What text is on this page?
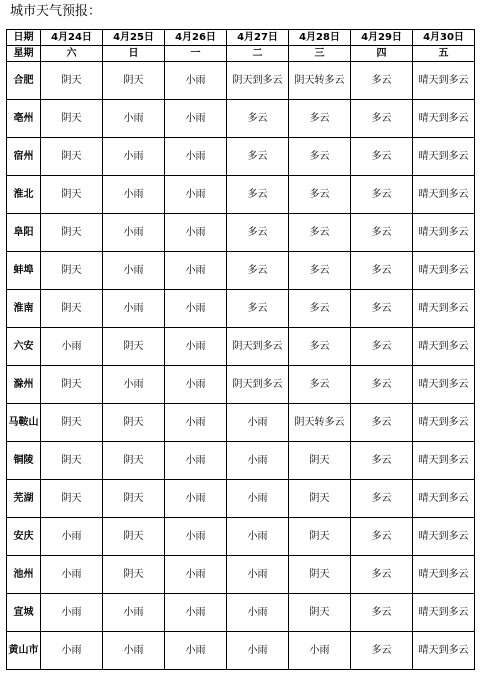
城市天气预报：
日期	4月24日	4月25日	4月26日	4月27日	4月28日	4月29日	4月30日
星期	六	日	一	二	三	四	五
合肥	阴天	阴天	小雨	阴天到多云	阴天转多云	多云	晴天到多云
亳州	阴天	小雨	小雨	多云	多云	多云	晴天到多云
宿州	阴天	小雨	小雨	多云	多云	多云	晴天到多云
淮北	阴天	小雨	小雨	多云	多云	多云	晴天到多云
阜阳	阴天	小雨	小雨	多云	多云	多云	晴天到多云
蚌埠	阴天	小雨	小雨	多云	多云	多云	晴天到多云
淮南	阴天	小雨	小雨	多云	多云	多云	晴天到多云
六安	小雨	阴天	小雨	阴天到多云	多云	多云	晴天到多云
滁州	阴天	小雨	小雨	阴天到多云	多云	多云	晴天到多云
马鞍山	阴天	阴天	小雨	小雨	阴天转多云	多云	晴天到多云
铜陵	阴天	阴天	小雨	小雨	阴天	多云	晴天到多云
芜湖	阴天	阴天	小雨	小雨	阴天	多云	晴天到多云
安庆	小雨	阴天	小雨	小雨	阴天	多云	晴天到多云
池州	小雨	阴天	小雨	小雨	阴天	多云	晴天到多云
宣城	小雨	小雨	小雨	小雨	阴天	多云	晴天到多云
黄山市	小雨	小雨	小雨	小雨	小雨	多云	晴天到多云
